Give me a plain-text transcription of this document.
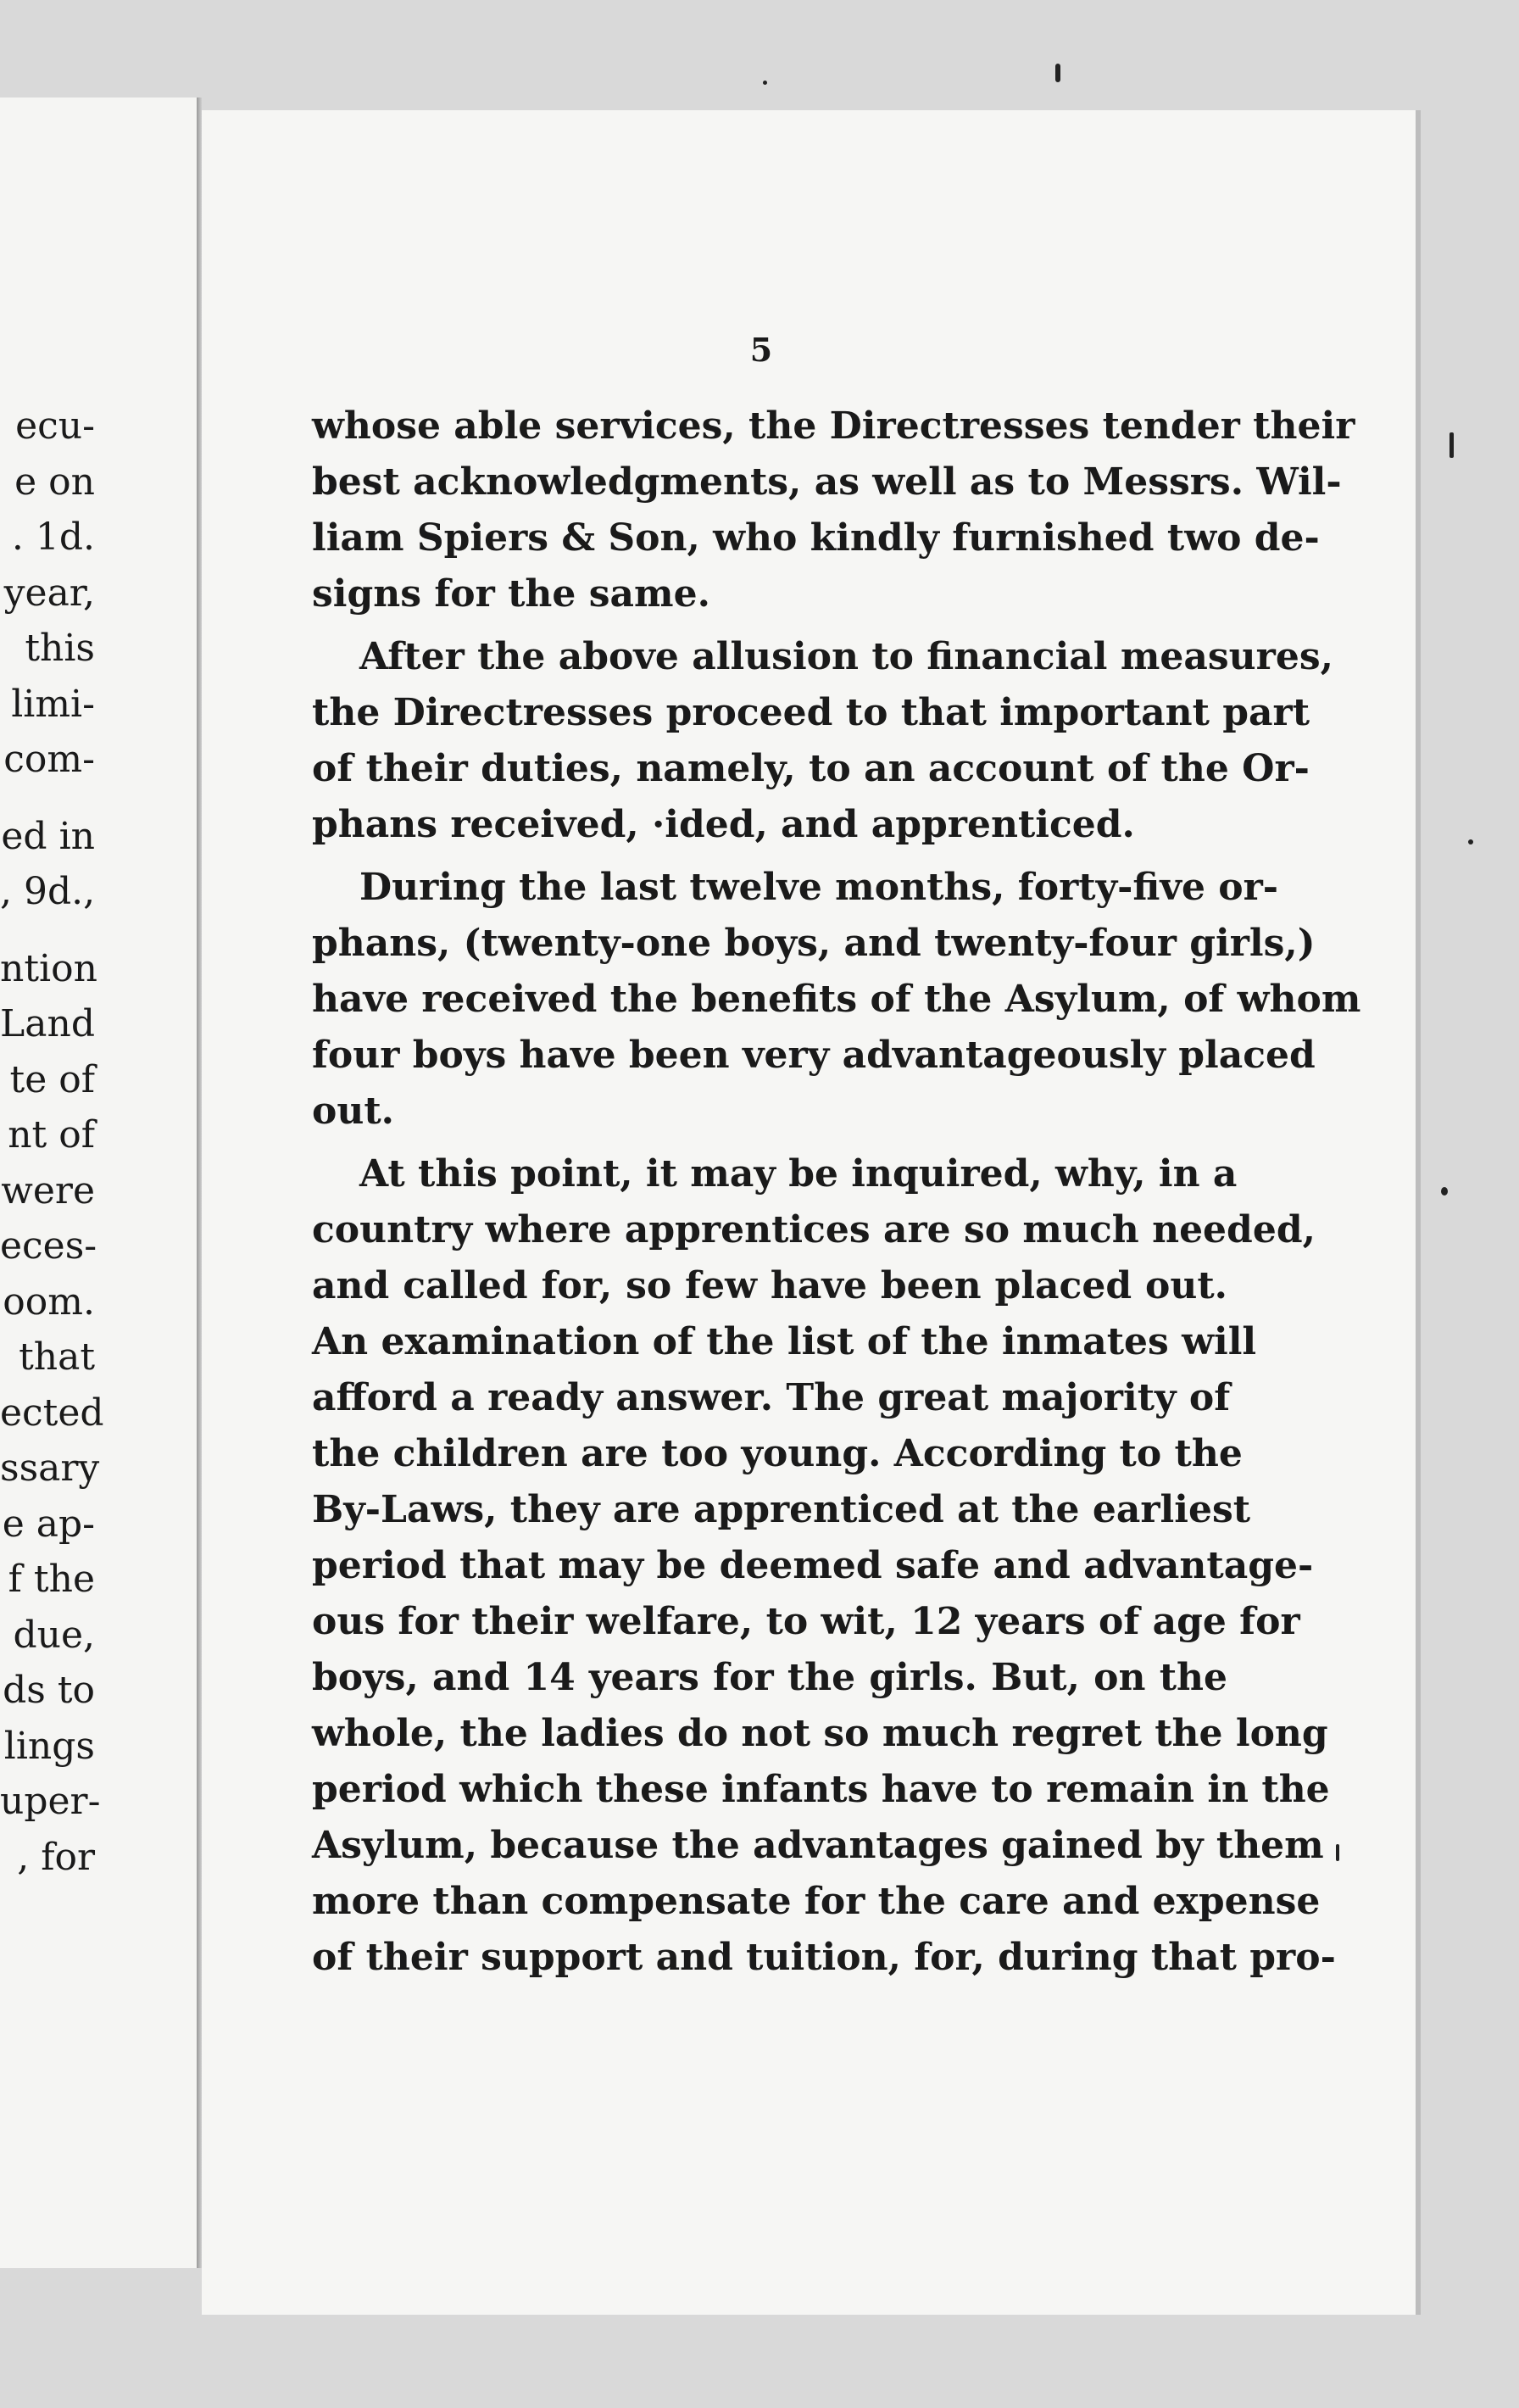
ecu-
e on
. 1d.
year,
this
limi-
com-
ed in
, 9d.,
ntion
Land
te of
nt of
were
eces-
oom.
that
ected
ssary
e ap-
f the
due,
ds to
lings
uper-
, for
5
whose able services, the Directresses tender their
best acknowledgments, as well as to Messrs. Wil-
liam Spiers & Son, who kindly furnished two de-
signs for the same.
After the above allusion to financial measures,
the Directresses proceed to that important part
of their duties, namely, to an account of the Or-
phans received, ·ided, and apprenticed.
During the last twelve months, forty-five or-
phans, (twenty-one boys, and twenty-four girls,)
have received the benefits of the Asylum, of whom
four boys have been very advantageously placed
out.
At this point, it may be inquired, why, in a
country where apprentices are so much needed,
and called for, so few have been placed out.
An examination of the list of the inmates will
afford a ready answer. The great majority of
the children are too young. According to the
By-Laws, they are apprenticed at the earliest
period that may be deemed safe and advantage-
ous for their welfare, to wit, 12 years of age for
boys, and 14 years for the girls. But, on the
whole, the ladies do not so much regret the long
period which these infants have to remain in the
Asylum, because the advantages gained by them
more than compensate for the care and expense
of their support and tuition, for, during that pro-
